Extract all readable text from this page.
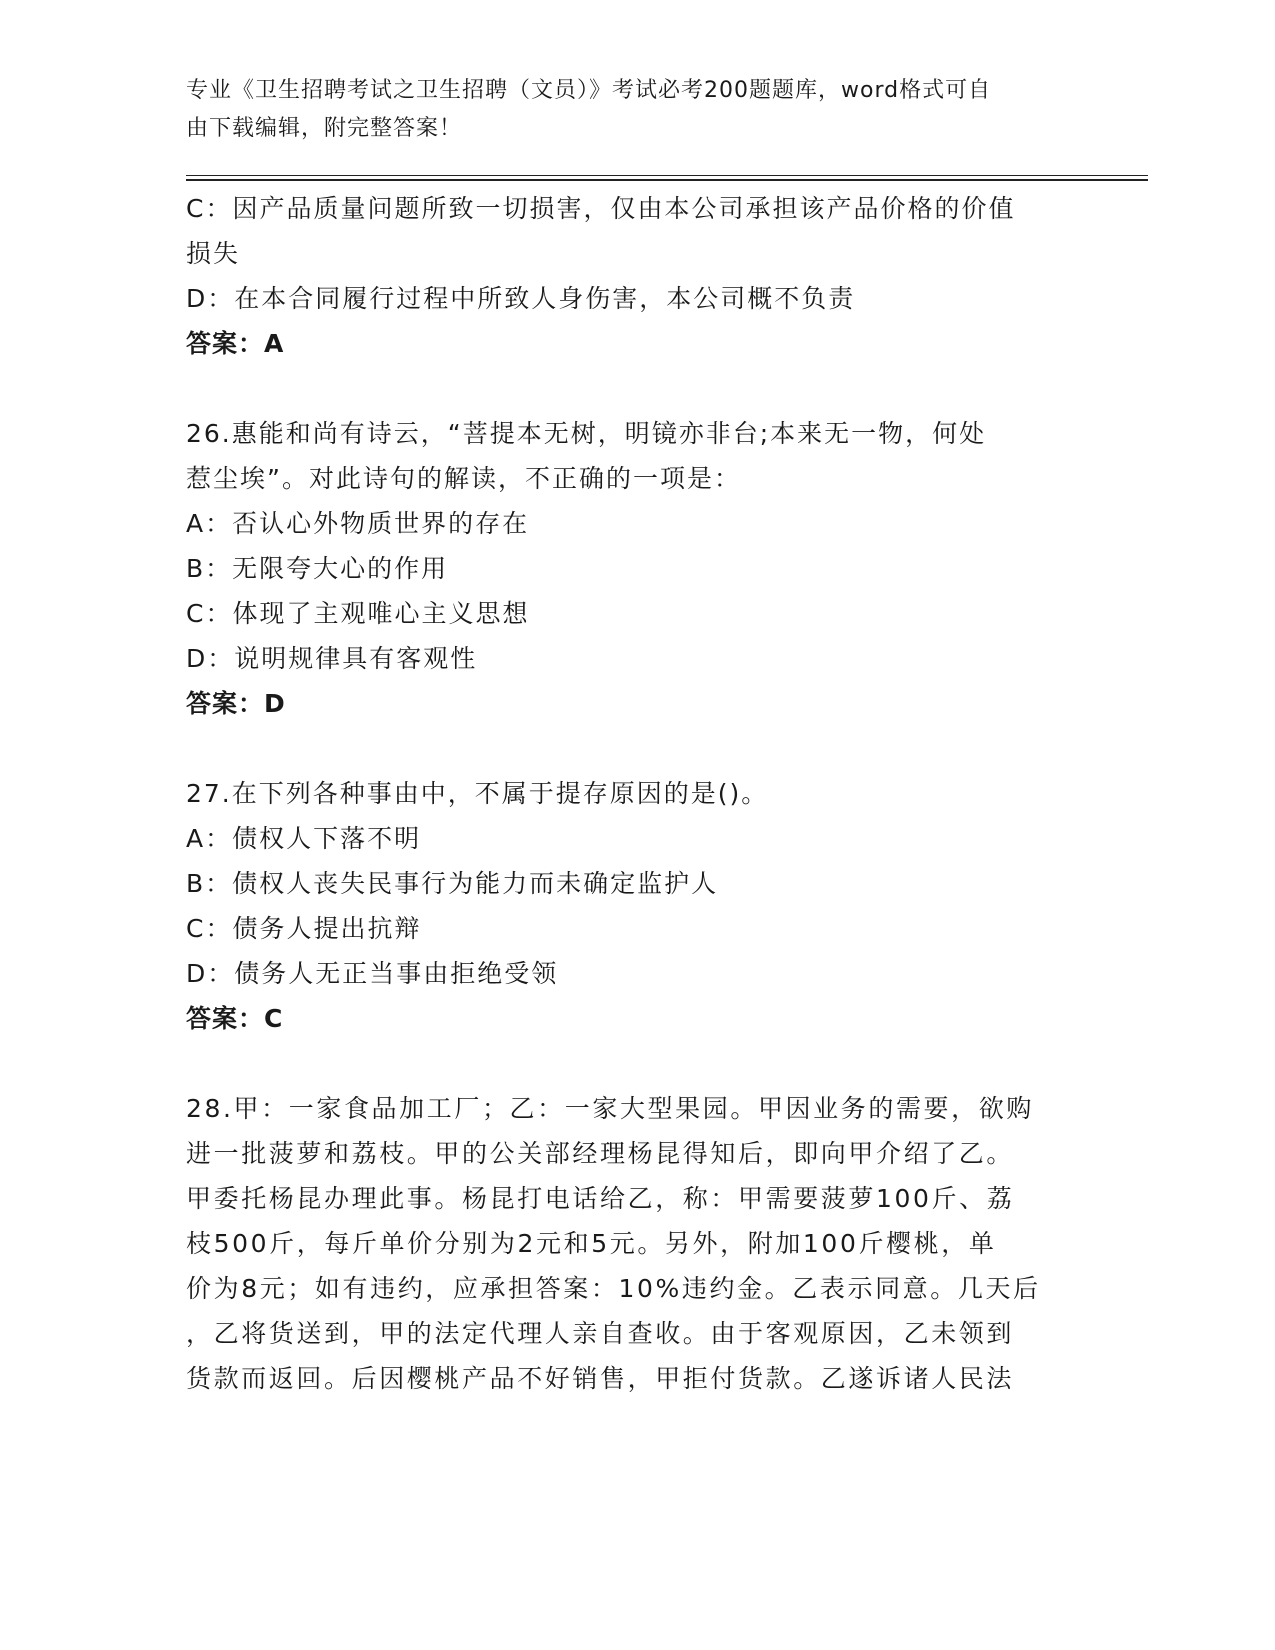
专业《卫生招聘考试之卫生招聘（文员）》考试必考200题题库，word格式可自
由下载编辑，附完整答案！
C：因产品质量问题所致一切损害，仅由本公司承担该产品价格的价值
损失
D：在本合同履行过程中所致人身伤害，本公司概不负责
答案：A
26.惠能和尚有诗云，“菩提本无树，明镜亦非台;本来无一物，何处
惹尘埃”。对此诗句的解读，不正确的一项是：
A：否认心外物质世界的存在
B：无限夸大心的作用
C：体现了主观唯心主义思想
D：说明规律具有客观性
答案：D
27.在下列各种事由中，不属于提存原因的是()。
A：债权人下落不明
B：债权人丧失民事行为能力而未确定监护人
C：债务人提出抗辩
D：债务人无正当事由拒绝受领
答案：C
28.甲：一家食品加工厂；乙：一家大型果园。甲因业务的需要，欲购
进一批菠萝和荔枝。甲的公关部经理杨昆得知后，即向甲介绍了乙。
甲委托杨昆办理此事。杨昆打电话给乙，称：甲需要菠萝100斤、荔
枝500斤，每斤单价分别为2元和5元。另外，附加100斤樱桃，单
价为8元；如有违约，应承担答案：10%违约金。乙表示同意。几天后
，乙将货送到，甲的法定代理人亲自查收。由于客观原因，乙未领到
货款而返回。后因樱桃产品不好销售，甲拒付货款。乙遂诉诸人民法
